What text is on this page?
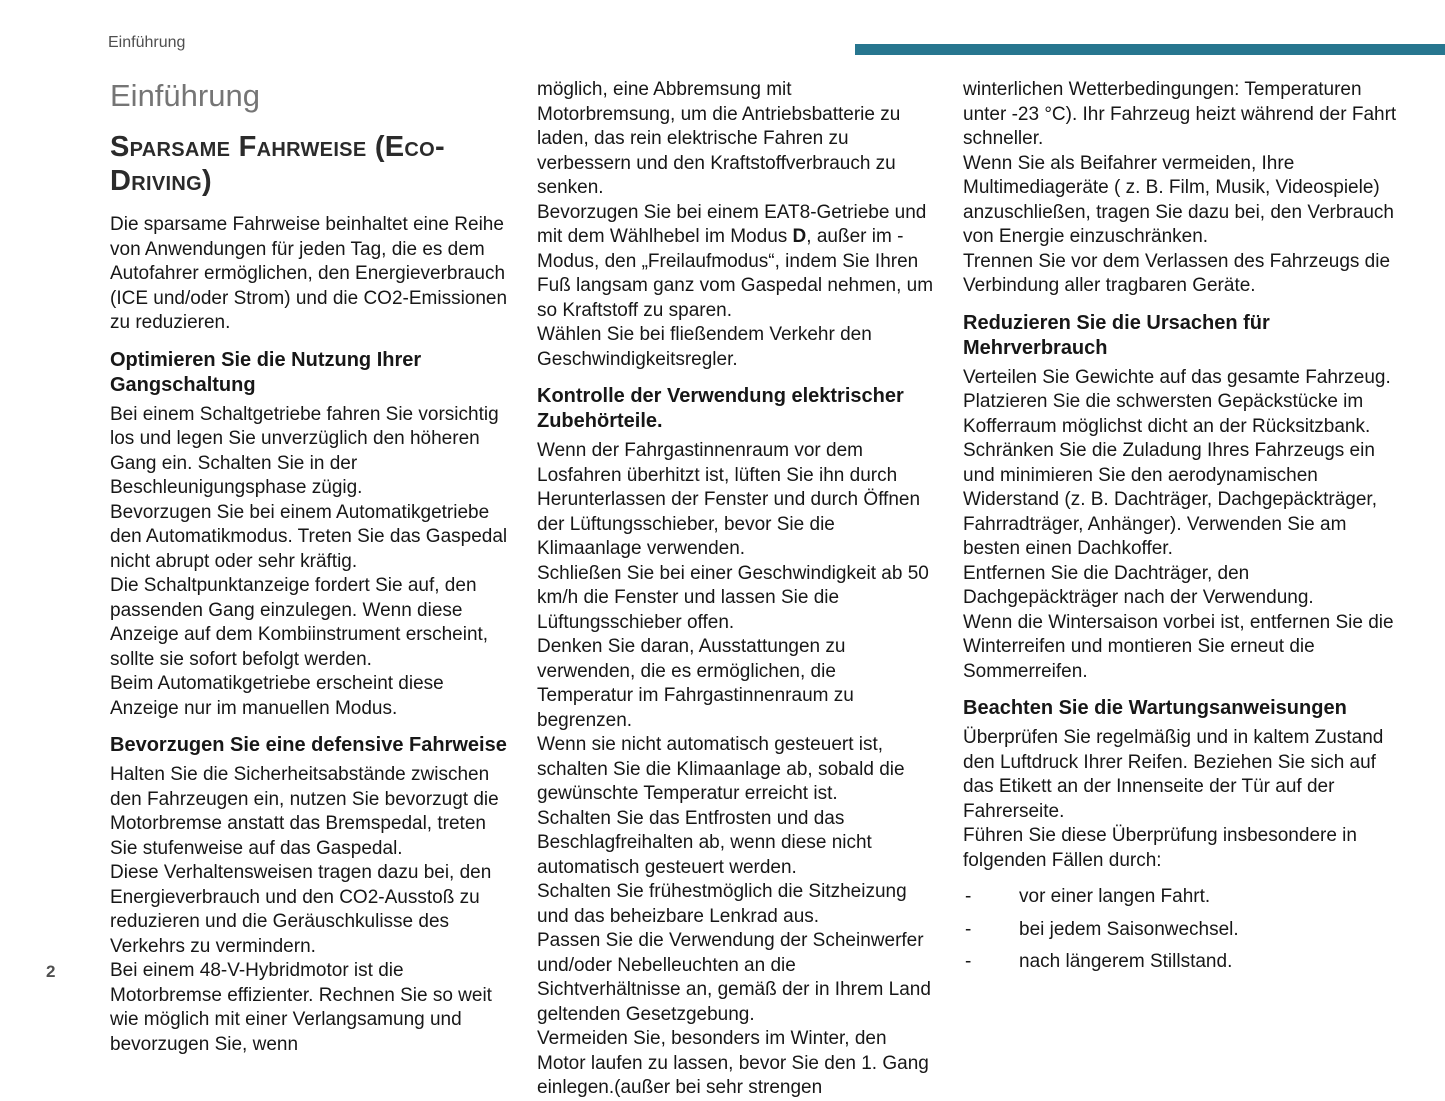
Einführung
Einführung
Sparsame Fahrweise (Eco-Driving)

Die sparsame Fahrweise beinhaltet eine Reihe von Anwendungen für jeden Tag, die es dem Autofahrer ermöglichen, den Energieverbrauch (ICE und/oder Strom) und die CO2-Emissionen zu reduzieren.

Optimieren Sie die Nutzung Ihrer Gangschaltung

Bei einem Schaltgetriebe fahren Sie vorsichtig los und legen Sie unverzüglich den höheren Gang ein. Schalten Sie in der Beschleunigungsphase zügig.

Bevorzugen Sie bei einem Automatikgetriebe den Automatikmodus. Treten Sie das Gaspedal nicht abrupt oder sehr kräftig.

Die Schaltpunktanzeige fordert Sie auf, den passenden Gang einzulegen. Wenn diese Anzeige auf dem Kombiinstrument erscheint, sollte sie sofort befolgt werden.

Beim Automatikgetriebe erscheint diese Anzeige nur im manuellen Modus.

Bevorzugen Sie eine defensive Fahrweise

Halten Sie die Sicherheitsabstände zwischen den Fahrzeugen ein, nutzen Sie bevorzugt die Motorbremse anstatt das Bremspedal, treten Sie stufenweise auf das Gaspedal.

Diese Verhaltensweisen tragen dazu bei, den Energieverbrauch und den CO2-Ausstoß zu reduzieren und die Geräuschkulisse des Verkehrs zu vermindern.

Bei einem 48-V-Hybridmotor ist die Motorbremse effizienter. Rechnen Sie so weit wie möglich mit einer Verlangsamung und bevorzugen Sie, wenn

möglich, eine Abbremsung mit Motorbremsung, um die Antriebsbatterie zu laden, das rein elektrische Fahren zu verbessern und den Kraftstoffverbrauch zu senken.

Bevorzugen Sie bei einem EAT8-Getriebe und mit dem Wählhebel im Modus D, außer im - Modus, den „Freilaufmodus“, indem Sie Ihren Fuß langsam ganz vom Gaspedal nehmen, um so Kraftstoff zu sparen.

Wählen Sie bei fließendem Verkehr den Geschwindigkeitsregler.

Kontrolle der Verwendung elektrischer Zubehörteile.

Wenn der Fahrgastinnenraum vor dem Losfahren überhitzt ist, lüften Sie ihn durch Herunterlassen der Fenster und durch Öffnen der Lüftungsschieber, bevor Sie die Klimaanlage verwenden.

Schließen Sie bei einer Geschwindigkeit ab 50 km/h die Fenster und lassen Sie die Lüftungsschieber offen.

Denken Sie daran, Ausstattungen zu verwenden, die es ermöglichen, die Temperatur im Fahrgastinnenraum zu begrenzen.

Wenn sie nicht automatisch gesteuert ist, schalten Sie die Klimaanlage ab, sobald die gewünschte Temperatur erreicht ist.

Schalten Sie das Entfrosten und das Beschlagfreihalten ab, wenn diese nicht automatisch gesteuert werden.

Schalten Sie frühestmöglich die Sitzheizung und das beheizbare Lenkrad aus.

Passen Sie die Verwendung der Scheinwerfer und/oder Nebelleuchten an die Sichtverhältnisse an, gemäß der in Ihrem Land geltenden Gesetzgebung.

Vermeiden Sie, besonders im Winter, den Motor laufen zu lassen, bevor Sie den 1. Gang einlegen.(außer bei sehr strengen

winterlichen Wetterbedingungen: Temperaturen unter -23 °C). Ihr Fahrzeug heizt während der Fahrt schneller.

Wenn Sie als Beifahrer vermeiden, Ihre Multimediageräte ( z. B. Film, Musik, Videospiele) anzuschließen, tragen Sie dazu bei, den Verbrauch von Energie einzuschränken.

Trennen Sie vor dem Verlassen des Fahrzeugs die Verbindung aller tragbaren Geräte.

Reduzieren Sie die Ursachen für Mehrverbrauch

Verteilen Sie Gewichte auf das gesamte Fahrzeug. Platzieren Sie die schwersten Gepäckstücke im Kofferraum möglichst dicht an der Rücksitzbank.

Schränken Sie die Zuladung Ihres Fahrzeugs ein und minimieren Sie den aerodynamischen Widerstand (z. B. Dachträger, Dachgepäckträger, Fahrradträger, Anhänger). Verwenden Sie am besten einen Dachkoffer.

Entfernen Sie die Dachträger, den Dachgepäckträger nach der Verwendung.

Wenn die Wintersaison vorbei ist, entfernen Sie die Winterreifen und montieren Sie erneut die Sommerreifen.

Beachten Sie die Wartungsanweisungen

Überprüfen Sie regelmäßig und in kaltem Zustand den Luftdruck Ihrer Reifen. Beziehen Sie sich auf das Etikett an der Innenseite der Tür auf der Fahrerseite.

Führen Sie diese Überprüfung insbesondere in folgenden Fällen durch:

-	vor einer langen Fahrt.
-	bei jedem Saisonwechsel.
-	nach längerem Stillstand.
2
